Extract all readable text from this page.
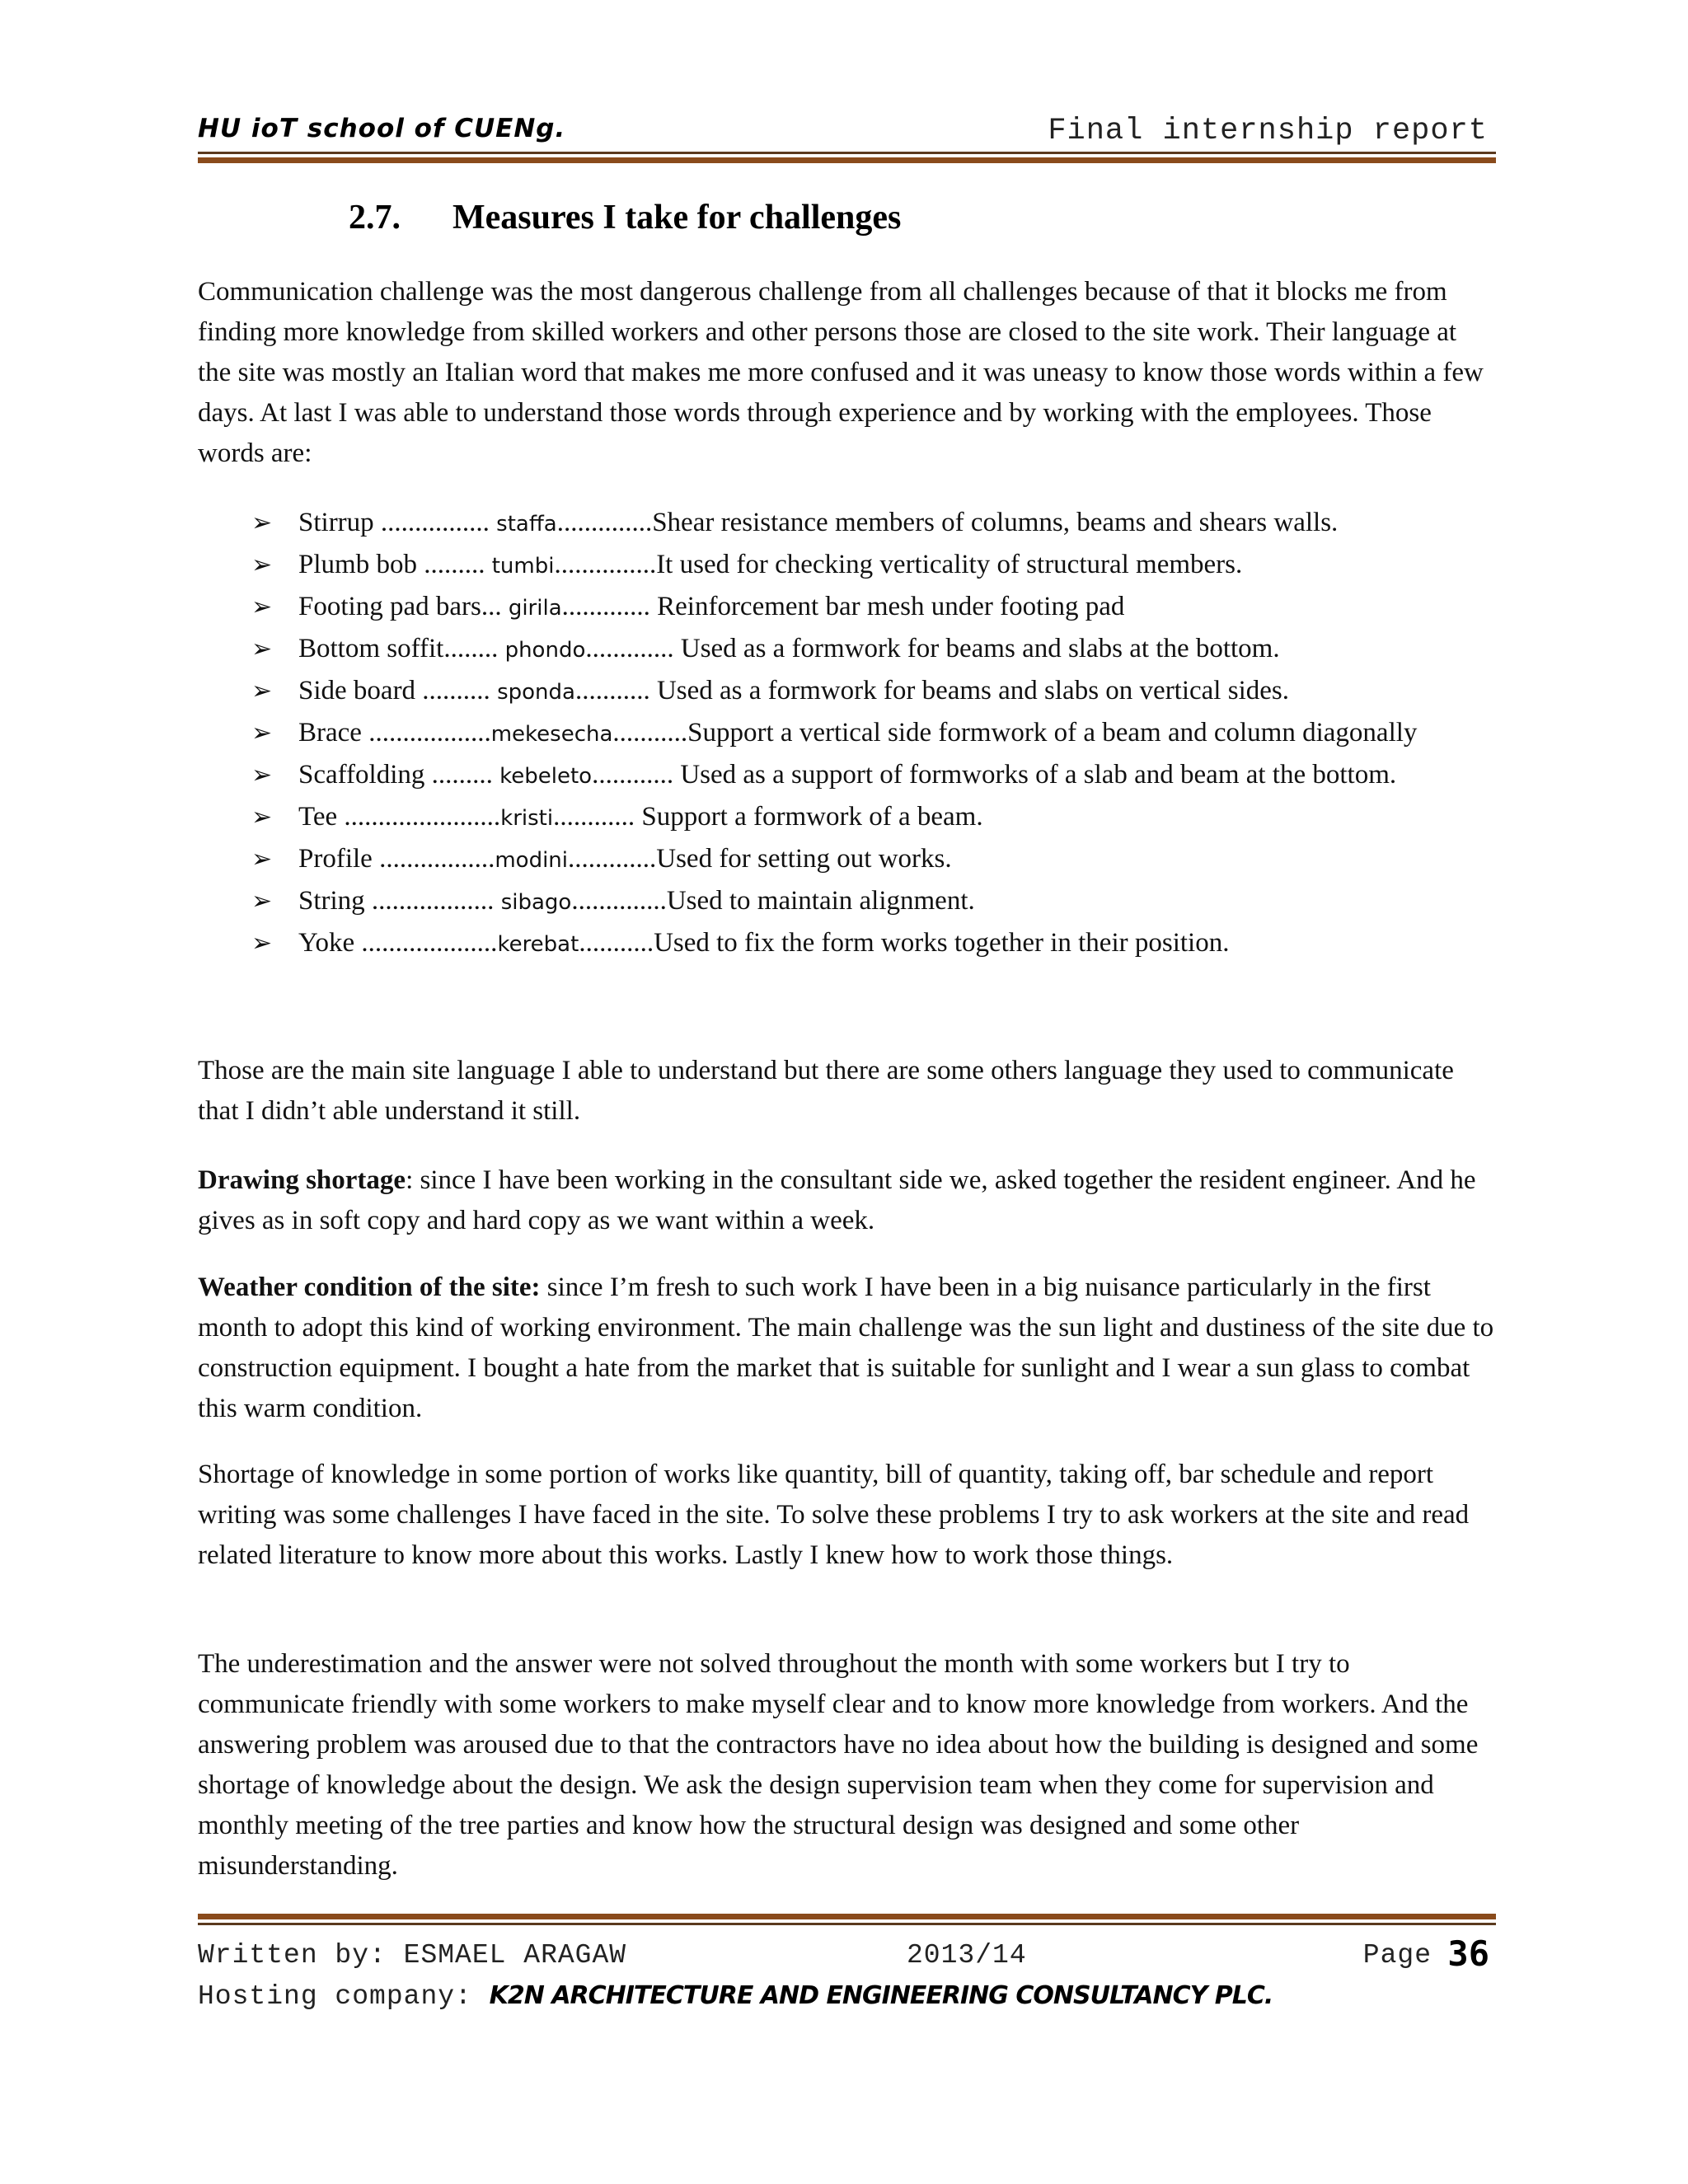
HU ioT school of CUENg.	Final internship report
2.7. Measures I take for challenges

Communication challenge was the most dangerous challenge from all challenges because of that it blocks me from finding more knowledge from skilled workers and other persons those are closed to the site work. Their language at the site was mostly an Italian word that makes me more confused and it was uneasy to know those words within a few days. At last I was able to understand those words through experience and by working with the employees. Those words are:

➢ Stirrup ................ staffa..............Shear resistance members of columns, beams and shears walls.
➢ Plumb bob ......... tumbi...............It used for checking verticality of structural members.
➢ Footing pad bars... girila............. Reinforcement bar mesh under footing pad
➢ Bottom soffit........ phondo............. Used as a formwork for beams and slabs at the bottom.
➢ Side board .......... sponda........... Used as a formwork for beams and slabs on vertical sides.
➢ Brace ..................mekesecha...........Support a vertical side formwork of a beam and column diagonally
➢ Scaffolding ......... kebeleto............ Used as a support of formworks of a slab and beam at the bottom.
➢ Tee .......................kristi............ Support a formwork of a beam.
➢ Profile .................modini.............Used for setting out works.
➢ String .................. sibago..............Used to maintain alignment.
➢ Yoke ....................kerebat...........Used to fix the form works together in their position.

Those are the main site language I able to understand but there are some others language they used to communicate that I didn’t able understand it still.

Drawing shortage: since I have been working in the consultant side we, asked together the resident engineer. And he gives as in soft copy and hard copy as we want within a week.

Weather condition of the site: since I’m fresh to such work I have been in a big nuisance particularly in the first month to adopt this kind of working environment. The main challenge was the sun light and dustiness of the site due to construction equipment. I bought a hate from the market that is suitable for sunlight and I wear a sun glass to combat this warm condition.

Shortage of knowledge in some portion of works like quantity, bill of quantity, taking off, bar schedule and report writing was some challenges I have faced in the site. To solve these problems I try to ask workers at the site and read related literature to know more about this works. Lastly I knew how to work those things.

The underestimation and the answer were not solved throughout the month with some workers but I try to communicate friendly with some workers to make myself clear and to know more knowledge from workers. And the answering problem was aroused due to that the contractors have no idea about how the building is designed and some shortage of knowledge about the design. We ask the design supervision team when they come for supervision and monthly meeting of the tree parties and know how the structural design was designed and some other misunderstanding.

Written by: ESMAEL ARAGAW	2013/14	Page 36
Hosting company: K2N ARCHITECTURE AND ENGINEERING CONSULTANCY PLC.
